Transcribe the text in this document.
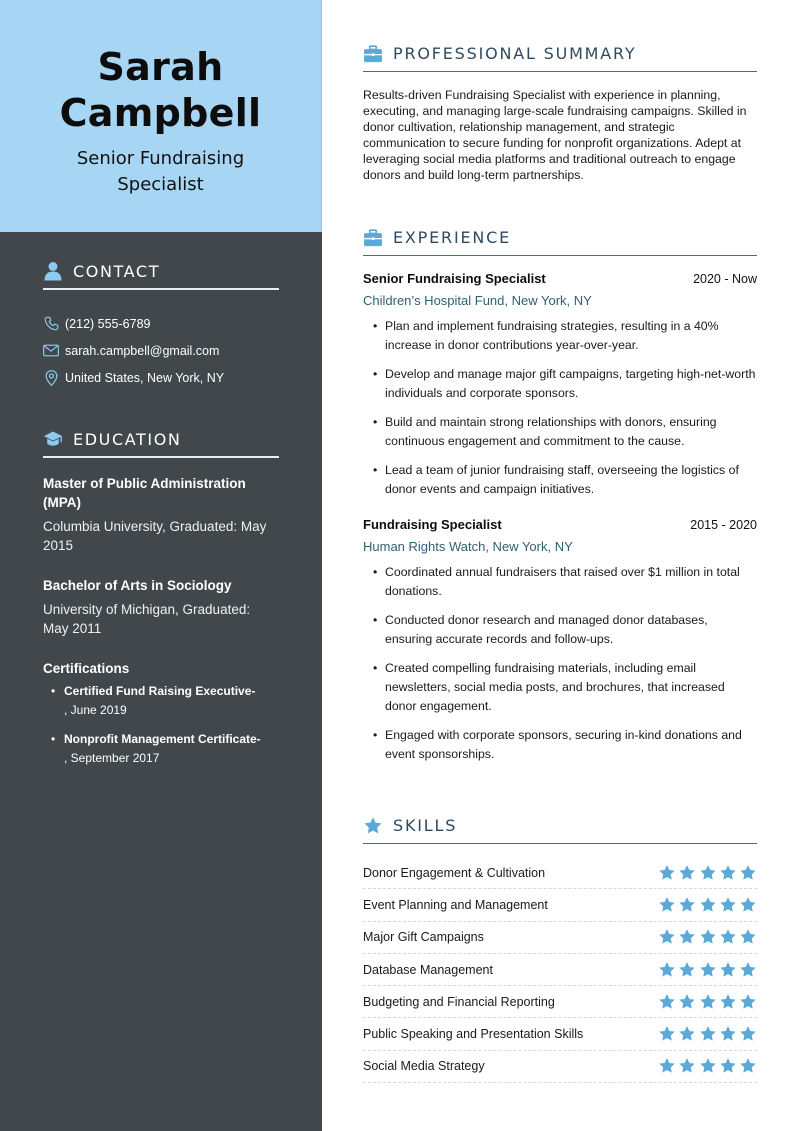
Sarah
Campbell
Senior Fundraising
Specialist
CONTACT
(212) 555-6789
sarah.campbell@gmail.com
United States, New York, NY
EDUCATION
Master of Public Administration (MPA)
Columbia University, Graduated: May 2015
Bachelor of Arts in Sociology
University of Michigan, Graduated: May 2011
Certifications
• Certified Fund Raising Executive-
, June 2019
• Nonprofit Management Certificate-
, September 2017
PROFESSIONAL SUMMARY

Results-driven Fundraising Specialist with experience in planning, executing, and managing large-scale fundraising campaigns. Skilled in donor cultivation, relationship management, and strategic communication to secure funding for nonprofit organizations. Adept at leveraging social media platforms and traditional outreach to engage donors and build long-term partnerships.

EXPERIENCE
Senior Fundraising Specialist	2020 - Now
Children’s Hospital Fund, New York, NY
• Plan and implement fundraising strategies, resulting in a 40% increase in donor contributions year-over-year.
• Develop and manage major gift campaigns, targeting high-net-worth individuals and corporate sponsors.
• Build and maintain strong relationships with donors, ensuring continuous engagement and commitment to the cause.
• Lead a team of junior fundraising staff, overseeing the logistics of donor events and campaign initiatives.
Fundraising Specialist	2015 - 2020
Human Rights Watch, New York, NY
• Coordinated annual fundraisers that raised over $1 million in total donations.
• Conducted donor research and managed donor databases, ensuring accurate records and follow-ups.
• Created compelling fundraising materials, including email newsletters, social media posts, and brochures, that increased donor engagement.
• Engaged with corporate sponsors, securing in-kind donations and event sponsorships.
SKILLS
Donor Engagement & Cultivation
Event Planning and Management
Major Gift Campaigns
Database Management
Budgeting and Financial Reporting
Public Speaking and Presentation Skills
Social Media Strategy
